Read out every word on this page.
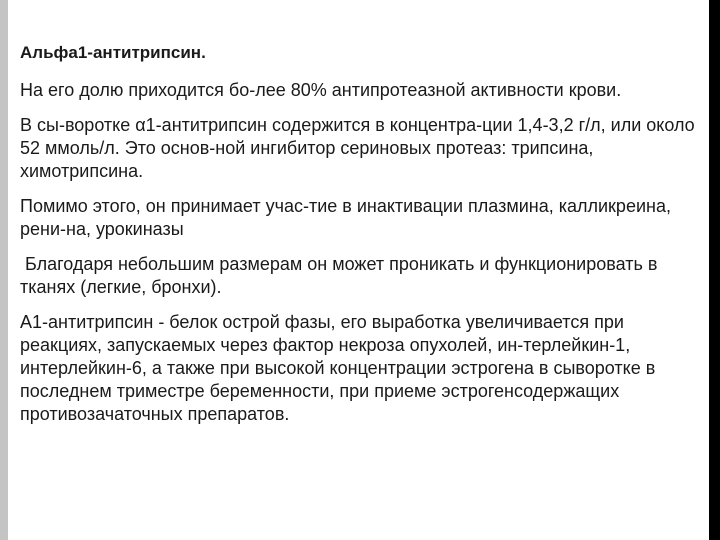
Альфа1-антитрипсин.

На его долю приходится бо-лее 80% антипротеазной активности крови.

В сы-воротке α1-антитрипсин содержится в концентра-ции 1,4-3,2 г/л, или около 52 ммоль/л. Это основ-ной ингибитор сериновых протеаз: трипсина, химотрипсина.

Помимо этого, он принимает учас-тие в инактивации плазмина, калликреина, рени-на, урокиназы

Благодаря небольшим размерам он может проникать и функционировать в тканях (легкие, бронхи).

А1-антитрипсин - белок острой фазы, его выработка увеличивается при реакциях, запускаемых через фактор некроза опухолей, ин-терлейкин-1, интерлейкин-6, а также при высокой концентрации эстрогена в сыворотке в последнем триместре беременности, при приеме эстрогенсодержащих противозачаточных препаратов.
